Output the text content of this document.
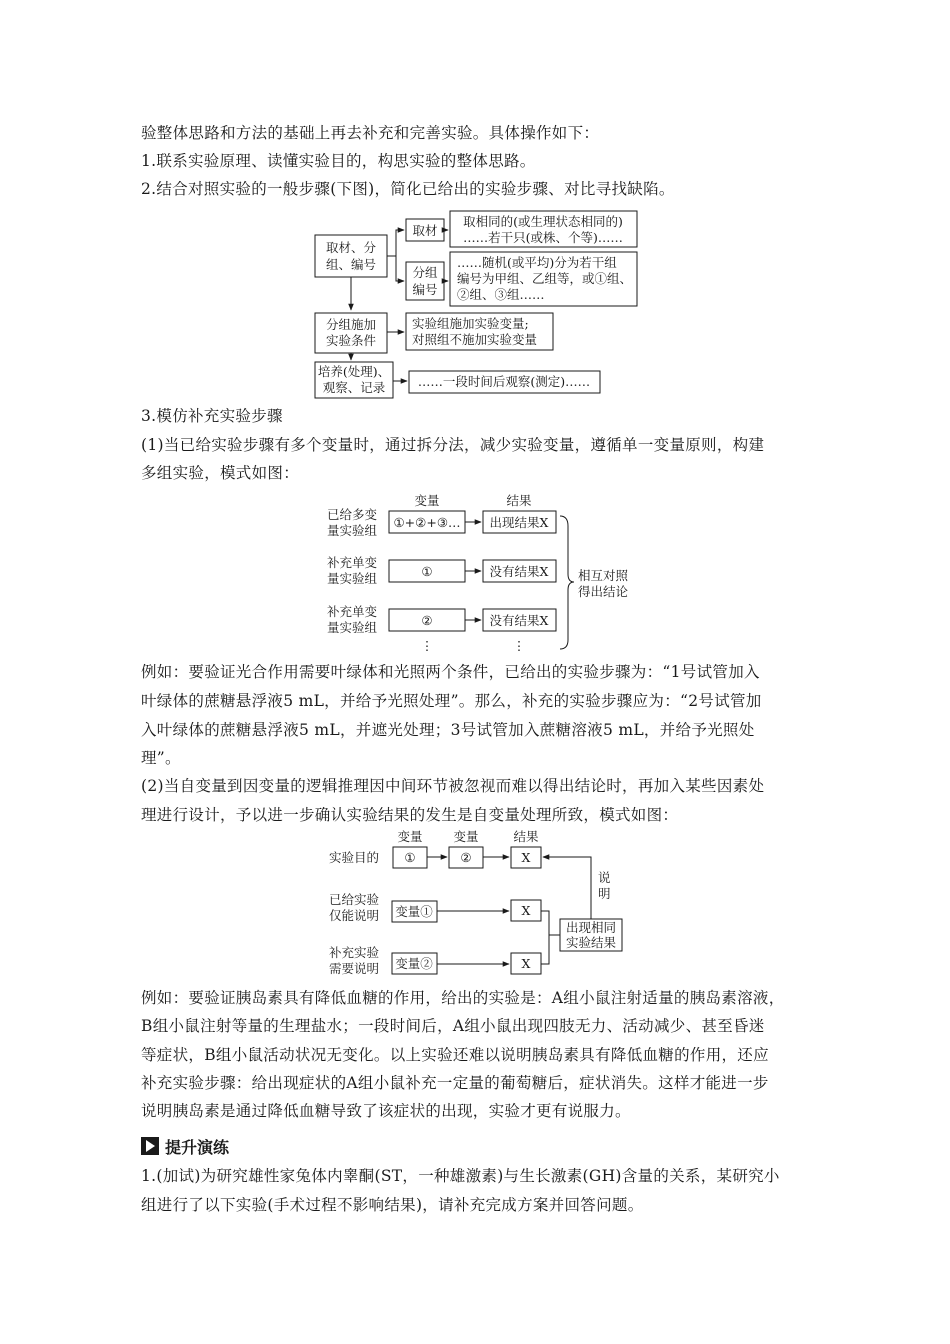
验整体思路和方法的基础上再去补充和完善实验。具体操作如下：
1.联系实验原理、读懂实验目的，构思实验的整体思路。
2.结合对照实验的一般步骤(下图)，简化已给出的实验步骤、对比寻找缺陷。
取材、分
组、编号
取材
取相同的(或生理状态相同的)
……若干只(或株、个等)……
分组
编号
……随机(或平均)分为若干组
编号为甲组、乙组等，或①组、
②组、③组……
分组施加
实验条件
实验组施加实验变量;
对照组不施加实验变量
培养(处理)、
观察、记录	……一段时间后观察(测定)……
3.模仿补充实验步骤
(1)当已给实验步骤有多个变量时，通过拆分法，减少实验变量，遵循单一变量原则，构建
多组实验，模式如图：
变量	结果
已给多变
量实验组
①+②+③… 出现结果X
补充单变
量实验组	①	没有结果X
补充单变
量实验组	②	没有结果X
⋮	⋮
相互对照
得出结论
例如：要验证光合作用需要叶绿体和光照两个条件，已给出的实验步骤为：“1号试管加入
叶绿体的蔗糖悬浮液5 mL，并给予光照处理”。那么，补充的实验步骤应为：“2号试管加
入叶绿体的蔗糖悬浮液5 mL，并遮光处理；3号试管加入蔗糖溶液5 mL，并给予光照处
理”。
(2)当自变量到因变量的逻辑推理因中间环节被忽视而难以得出结论时，再加入某些因素处
理进行设计，予以进一步确认实验结果的发生是自变量处理所致，模式如图：
变量 变量	结果
实验目的 ①	②	X
已给实验
仅能说明 变量①	X
补充实验
需要说明 变量②	X
出现相同
实验结果
说
明
例如：要验证胰岛素具有降低血糖的作用，给出的实验是：A组小鼠注射适量的胰岛素溶液，
B组小鼠注射等量的生理盐水；一段时间后，A组小鼠出现四肢无力、活动减少、甚至昏迷
等症状，B组小鼠活动状况无变化。以上实验还难以说明胰岛素具有降低血糖的作用，还应
补充实验步骤：给出现症状的A组小鼠补充一定量的葡萄糖后，症状消失。这样才能进一步
说明胰岛素是通过降低血糖导致了该症状的出现，实验才更有说服力。
提升演练
1.(加试)为研究雄性家兔体内睾酮(ST，一种雄激素)与生长激素(GH)含量的关系，某研究小
组进行了以下实验(手术过程不影响结果)，请补充完成方案并回答问题。
